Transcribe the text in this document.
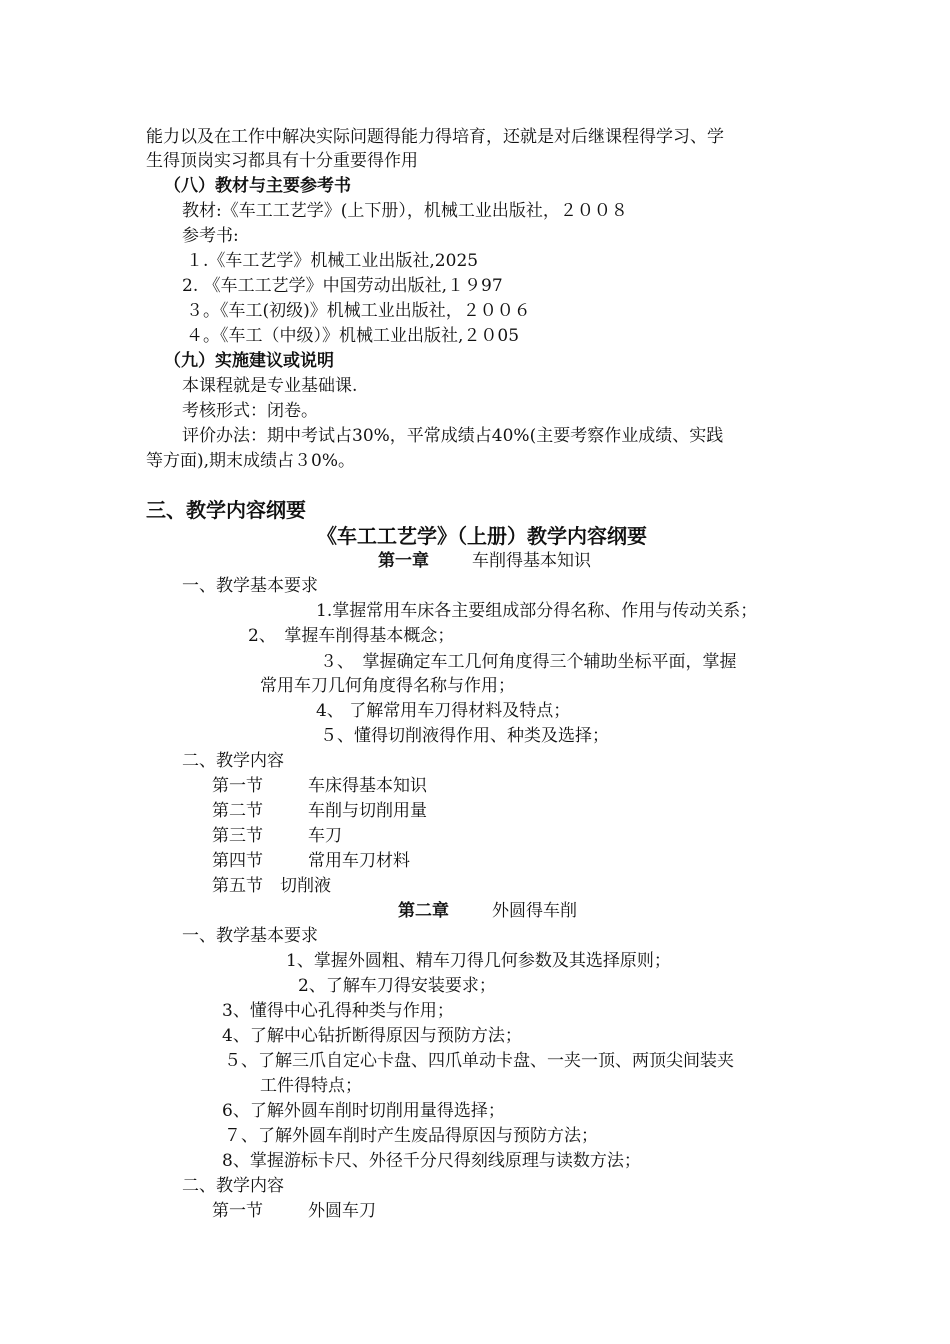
能力以及在工作中解决实际问题得能力得培育，还就是对后继课程得学习、学
生得顶岗实习都具有十分重要得作用
（八）教材与主要参考书
教材:《车工工艺学》(上下册），机械工业出版社，２００８
参考书:
１.《车工艺学》机械工业出版社,2025
2. 《车工工艺学》中国劳动出版社,１９97
３。《车工(初级)》机械工业出版社，２００６
４。《车工（中级）》机械工业出版社,２０05
（九）实施建议或说明
本课程就是专业基础课.
考核形式：闭卷。
评价办法：期中考试占30%，平常成绩占40%(主要考察作业成绩、实践
等方面),期末成绩占３0%。
三、教学内容纲要
《车工工艺学》（上册）教学内容纲要
第一章	车削得基本知识
一、教学基本要求
1.掌握常用车床各主要组成部分得名称、作用与传动关系；
2、　掌握车削得基本概念；
３、　掌握确定车工几何角度得三个辅助坐标平面，掌握
常用车刀几何角度得名称与作用；
4、 了解常用车刀得材料及特点；
５、懂得切削液得作用、种类及选择；
二、教学内容
第一节	车床得基本知识
第二节	车削与切削用量
第三节	车刀
第四节	常用车刀材料
第五节 切削液
第二章	外圆得车削
一、教学基本要求
1、掌握外圆粗、精车刀得几何参数及其选择原则；
2、了解车刀得安装要求；
3、懂得中心孔得种类与作用；
4、了解中心钻折断得原因与预防方法；
５、了解三爪自定心卡盘、四爪单动卡盘、一夹一顶、两顶尖间装夹
工件得特点；
6、了解外圆车削时切削用量得选择；
７、了解外圆车削时产生废品得原因与预防方法；
8、掌握游标卡尺、外径千分尺得刻线原理与读数方法；
二、教学内容
第一节	外圆车刀
